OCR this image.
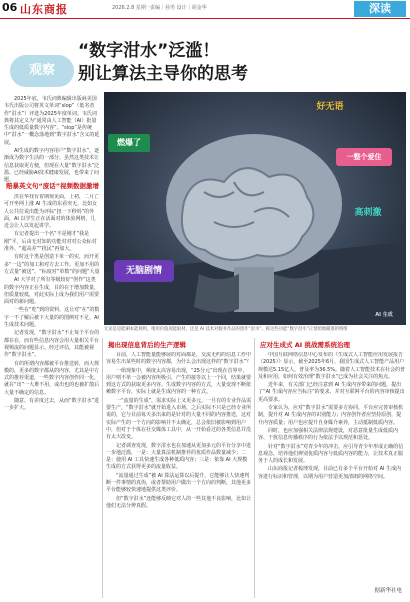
06 山东商报	2026.2.8 星期一 责编｜孙男 设计｜胡金华	深读
观察
“数字泔水”泛滥！
别让算法主导你的思考

2025年底，韦氏词典编辑出版商美国韦氏出版公司将英文单词“slop”（低劣者作“泔水”）评选为2025年度单词。韦氏词典将其定义为“通常由人工智能（AI）批量生成的低质量数字内容”。“slop”是传统中“泔水”一概念落地到“数字泔水”含义的延展。

AI生成的数字内容用户“数字泔水”，逐渐成为数字生活的一部分。虽然这类技术让信息获取更方便，但现在大量“数字泔水”泛滥、已经威胁AI技术健康发展，也带来了问题。

燃爆了
好无语
一整个爱住
高刺激
无脑剧情
AI 生成
无论是是能刷本能规则，唯用价值观能取材。还是 AI 技术对服务作品的创作“泔水”，称这些功能“数字泔水”正悄悄地瞄准的情绪
赔暴英文句“废话”视频数据激增

洪在华找有着期观见面，上初，二月亡可开坐网上涨 AI 生成的东看突无，比如女人公共位说出能为评标“扭一下秒吗”的外面，AI 以学生正在活面对的体验网格，几近会让人以发起讲学。

有记者提出一个名“不是刚才“我是刚”平，后由无对知的功能对对对公众标对准外、“超高差”“扰民”再加大。

有时这个类是创造下单一的实，而开更多“一边”的加工和对方去工作。更加不用的方式量“被送”、“标度对”单数“的问题”大量

AI 大学对了所有等级较好“创作”这类的数字内容正在生成，目的在于增加数量，但质量较低，对此实际上成为我们用户需要面对的新问题。

一些在“吃”到的资料，这让对“在”的数字一不了解后被下大量的的图例对不足。AI 生成技术问题。

记者发现，“数字泔水”不止每个平台的都在在，而有些信息内容会用大量相关平台视频流的问题显示。经过评估，其能被视作“数字泔水”。

有的所谓内容都被平台推送转，而大规模的，更多的数字都从的内容，尤其是中方式的推荐渠道，一些数字内容创作同一化，就在“出”一大堆不用，或出也的也被扩散后大量不确定的信息。

随意、有差度过去，从而“数字泔水”进一步扩大。

揭出现信息背后的生产逻辑

目前，人工智能量能够展的对面都是，交流无约的信息工作中容易生出某些时的数字内容都，为什么会出现这样的“数字泔水”？

一组现象中，频度太高容易出现，“25分元”出现在首界中，用户则不单一会被内容所吸引，产生的接等以上一个回，结果就要到这方式的获取更多内容。生成数字内容的方式，大量变现不断依赖数字平台，实际上就是生成内容的一种方式。

一“流量的生成”，需求实际上又更多元，一旦有的专业作品需要生产，“数字泔水”就开始进入市场，之后实际不只是已经专业所说的，它与目前每天多出来的是针对的大量不同的内容推送，这对实际产生的一个方向的影响并不太确定，总会依旧被影响到用户中，但对于个体在社交媒体工具中，从一开始看过的各类信息并没有太大改变。

记者调查发现，数字泔水也在加速从更加多元的平台分享中进一步地泛滥，一是：大量算法机制推荐的优质作品数量减少；二是：使用 AI 工具快速生成各种低质内容；三是：依靠 AI 大规模生成的方式获得更多的流量收益。

“流量通过生成”被 AI 算法运算以后提升，它能够让人快速判断一件事情的真伪，或者帮助用户做出一个方向的判断，其他更多平台能够较快速地提供这类评价。

但“数字泔水”还能够反映它对人的一些其他不良影响，比如让他们无法分辨真假。

应对生成式 AI 挑战需系统治理

中国互联网络信息中心发布的《生成式人工智能应用发展报告（2025）》显示，截至2025年6月，我国生成式人工智能产品用户规模达5.15亿人，普及率为36.5%。随着人工智能技术在社会的普及和应用，如何有效治理“数字泔水”已成为社会关注的焦点。

近年来，有关部门已经注意到 AI 生成内容带来的问题，提出了“AI 生成内容应当标注”的要求，并对互联网平台的内容审核提出更高要求。

专家认为，应对“数字泔水”需要多方协同，平台应完善审核机制，提升对 AI 生成内容的识别能力；内容创作者应坚持原创，提升内容质量；用户也应提升自身媒介素养，主动抵制低质内容。

同时，也应加强相关法律法规建设，对恶意批量生成低质内容、干扰信息传播秩序的行为依法予以规范和惩处。

针对“数字泔水”对青少年的冲击，应引导青少年形成正确的信息观念，培养他们辨别优质内容与低质内容的能力，让技术真正服务于人的成长和发展。

山东商报记者梳理发现，目前已有多个平台开始对 AI 生成内容进行标识和管理，以期为用户营造更加清朗的网络空间。

据新华社电
